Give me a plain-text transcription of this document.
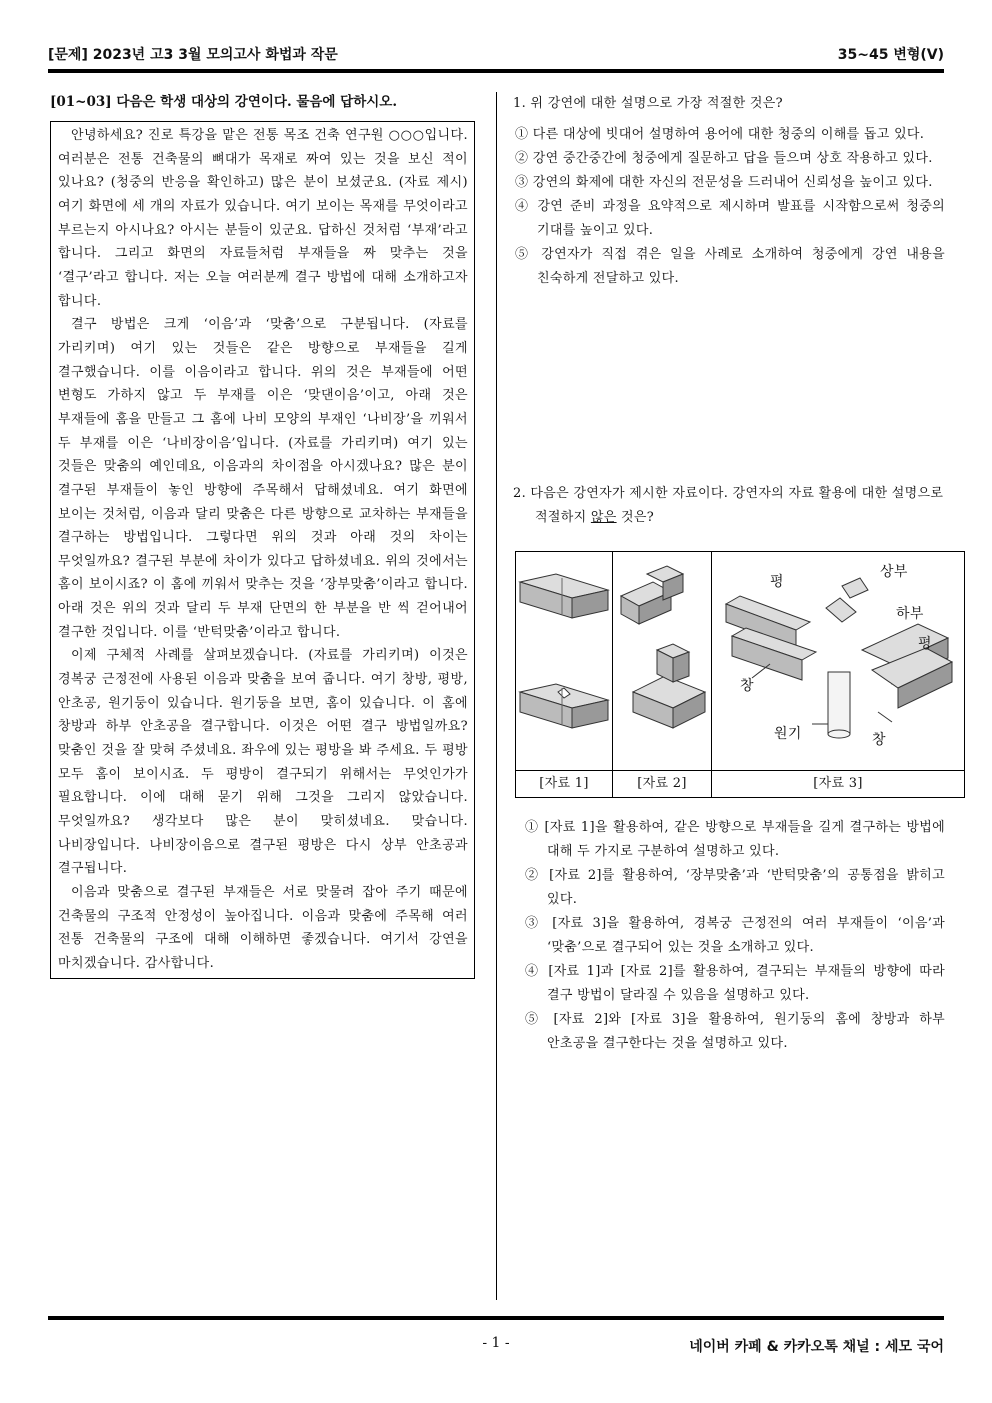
[문제] 2023년 고3 3월 모의고사 화법과 작문	35~45 변형(V)
[01~03] 다음은 학생 대상의 강연이다. 물음에 답하시오.

안녕하세요? 진로 특강을 맡은 전통 목조 건축 연구원 ○○○입니다. 여러분은 전통 건축물의 뼈대가 목재로 짜여 있는 것을 보신 적이 있나요? (청중의 반응을 확인하고) 많은 분이 보셨군요. (자료 제시) 여기 화면에 세 개의 자료가 있습니다. 여기 보이는 목재를 무엇이라고 부르는지 아시나요? 아시는 분들이 있군요. 답하신 것처럼 ‘부재’라고 합니다. 그리고 화면의 자료들처럼 부재들을 짜 맞추는 것을 ‘결구’라고 합니다. 저는 오늘 여러분께 결구 방법에 대해 소개하고자 합니다.

결구 방법은 크게 ‘이음’과 ‘맞춤’으로 구분됩니다. (자료를 가리키며) 여기 있는 것들은 같은 방향으로 부재들을 길게 결구했습니다. 이를 이음이라고 합니다. 위의 것은 부재들에 어떤 변형도 가하지 않고 두 부재를 이은 ‘맞댄이음’이고, 아래 것은 부재들에 홈을 만들고 그 홈에 나비 모양의 부재인 ‘나비장’을 끼워서 두 부재를 이은 ‘나비장이음’입니다. (자료를 가리키며) 여기 있는 것들은 맞춤의 예인데요, 이음과의 차이점을 아시겠나요? 많은 분이 결구된 부재들이 놓인 방향에 주목해서 답해셨네요. 여기 화면에 보이는 것처럼, 이음과 달리 맞춤은 다른 방향으로 교차하는 부재들을 결구하는 방법입니다. 그렇다면 위의 것과 아래 것의 차이는 무엇일까요? 결구된 부분에 차이가 있다고 답하셨네요. 위의 것에서는 홈이 보이시죠? 이 홈에 끼워서 맞추는 것을 ‘장부맞춤’이라고 합니다. 아래 것은 위의 것과 달리 두 부재 단면의 한 부분을 반 씩 걷어내어 결구한 것입니다. 이를 ‘반턱맞춤’이라고 합니다.

이제 구체적 사례를 살펴보겠습니다. (자료를 가리키며) 이것은 경복궁 근정전에 사용된 이음과 맞춤을 보여 줍니다. 여기 창방, 평방, 안초공, 원기둥이 있습니다. 원기둥을 보면, 홈이 있습니다. 이 홈에 창방과 하부 안초공을 결구합니다. 이것은 어떤 결구 방법일까요? 맞춤인 것을 잘 맞혀 주셨네요. 좌우에 있는 평방을 봐 주세요. 두 평방 모두 홈이 보이시죠. 두 평방이 결구되기 위해서는 무엇인가가 필요합니다. 이에 대해 묻기 위해 그것을 그리지 않았습니다. 무엇일까요? 생각보다 많은 분이 맞히셨네요. 맞습니다. 나비장입니다. 나비장이음으로 결구된 평방은 다시 상부 안초공과 결구됩니다.

이음과 맞춤으로 결구된 부재들은 서로 맞물려 잡아 주기 때문에 건축물의 구조적 안정성이 높아집니다. 이음과 맞춤에 주목해 여러 전통 건축물의 구조에 대해 이해하면 좋겠습니다. 여기서 강연을 마치겠습니다. 감사합니다.

1. 위 강연에 대한 설명으로 가장 적절한 것은?
① 다른 대상에 빗대어 설명하여 용어에 대한 청중의 이해를 돕고 있다.
② 강연 중간중간에 청중에게 질문하고 답을 들으며 상호 작용하고 있다.
③ 강연의 화제에 대한 자신의 전문성을 드러내어 신뢰성을 높이고 있다.
④ 강연 준비 과정을 요약적으로 제시하며 발표를 시작함으로써 청중의 기대를 높이고 있다.
⑤ 강연자가 직접 겪은 일을 사례로 소개하여 청중에게 강연 내용을 친숙하게 전달하고 있다.
2. 다음은 강연자가 제시한 자료이다. 강연자의 자료 활용에 대한 설명으로 적절하지 않은 것은?
평
상부
하부
평
창
원기	창
[자료 1]	[자료 2]	[자료 3]
① [자료 1]을 활용하여, 같은 방향으로 부재들을 길게 결구하는 방법에 대해 두 가지로 구분하여 설명하고 있다.
② [자료 2]를 활용하여, ‘장부맞춤’과 ‘반턱맞춤’의 공통점을 밝히고 있다.
③ [자료 3]을 활용하여, 경복궁 근정전의 여러 부재들이 ‘이음’과 ‘맞춤’으로 결구되어 있는 것을 소개하고 있다.
④ [자료 1]과 [자료 2]를 활용하여, 결구되는 부재들의 방향에 따라 결구 방법이 달라질 수 있음을 설명하고 있다.
⑤ [자료 2]와 [자료 3]을 활용하여, 원기둥의 홈에 창방과 하부 안초공을 결구한다는 것을 설명하고 있다.
- 1 -	네이버 카페 & 카카오톡 채널 : 세모 국어
